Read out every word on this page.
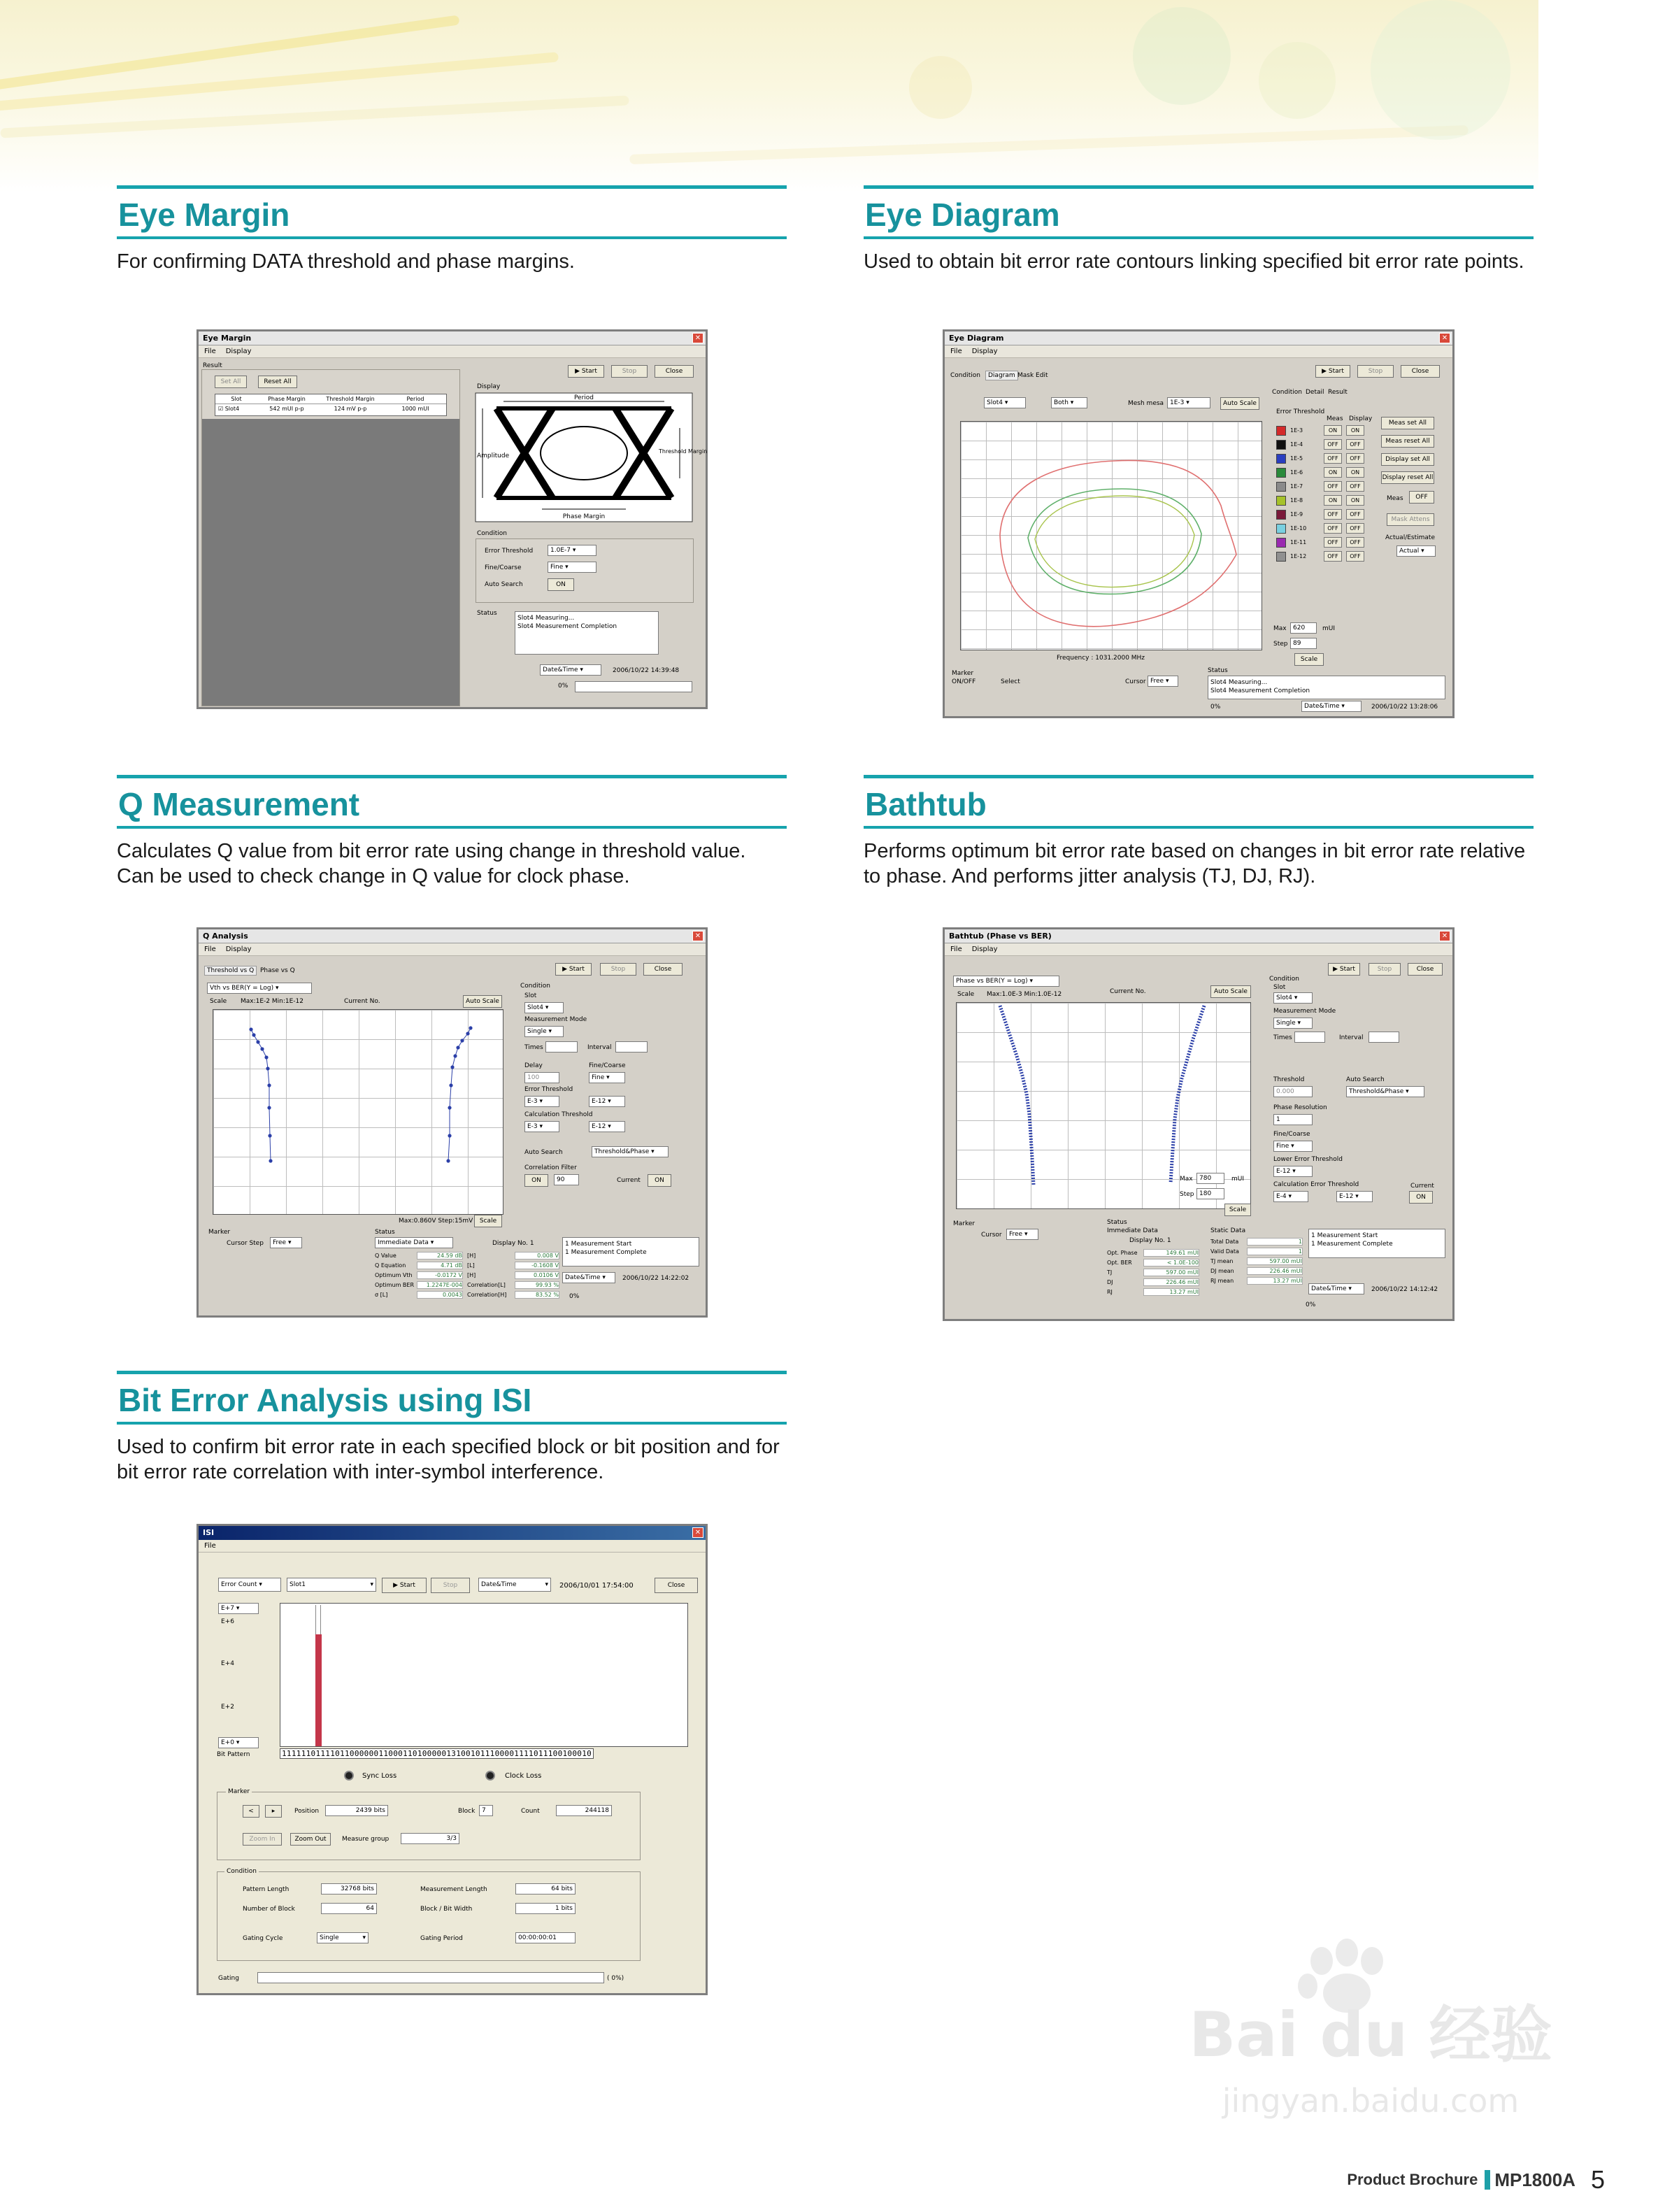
Eye Margin
For confirming DATA threshold and phase margins.
Eye Margin	✕
File Display
Result
Set All	Reset All
Slot	Phase Margin	Threshold Margin	Period
☑ Slot4	542 mUI p-p	124 mV p-p	1000 mUI
▶ Start	Stop	Close
Display
Period
Amplitude
Threshold Margin
Phase Margin
Condition
Error Threshold	1.0E-7 ▾
Fine/Coarse	Fine ▾
Auto Search	ON
Status
Slot4 Measuring...
Slot4 Measurement Completion
Date&Time ▾	2006/10/22 14:39:48
0%
Eye Diagram
Used to obtain bit error rate contours linking specified bit error rate points.
Eye Diagram	✕
File Display
▶ Start	Stop	Close
Condition	Diagram Mask Edit
Slot4 ▾	Both ▾	Mesh mesa 1E-3 ▾	Auto Scale
Frequency : 1031.2000 MHz
Max	620	mUI
Step 89
Scale
Condition Detail Result
Error Threshold
Meas Display
1E-3	ON	ON
1E-4	OFF	OFF
1E-5	OFF	OFF
1E-6	ON	ON
1E-7	OFF	OFF
1E-8	ON	ON
1E-9	OFF	OFF
1E-10	OFF	OFF
1E-11	OFF	OFF
1E-12	OFF	OFF
Meas set All
Meas reset All
Display set All
Display reset All
Meas	OFF
Mask Attens
Actual/Estimate
Actual ▾
Marker
ON/OFF	Select	Cursor Free ▾
Status
Slot4 Measuring...
Slot4 Measurement Completion
0%	Date&Time ▾	2006/10/22 13:28:06
Q Measurement
Calculates Q value from bit error rate using change in threshold value. Can be used to check change in Q value for clock phase.
Q Analysis	✕
File Display
Threshold vs Q Phase vs Q	▶ Start	Stop	Close
Vth vs BER(Y = Log) ▾
Scale Max:1E-2 Min:1E-12	Current No.	Auto Scale
Max:0.860V Step:15mV	Scale
Condition
Slot
Slot4 ▾
Measurement Mode
Single ▾
Times	Interval
Delay
100
Fine/Coarse
Fine ▾
Error Threshold
E-3 ▾	E-12 ▾
Calculation Threshold
E-3 ▾	E-12 ▾
Auto Search	Threshold&Phase ▾
Correlation Filter
ON	90	Current	ON
Marker
Cursor Step	Free ▾
Status
Immediate Data ▾	Display No. 1
Q Value	24.59 dB [H]	0.008 V
Q Equation	4.71 dB [L]	-0.1608 V
Optimum Vth	-0.0172 V [H]	0.0106 V
Optimum BER	1.2247E-004 Correlation[L]	99.93 %
σ [L]	0.0043 Correlation[H]	83.52 %
1 Measurement Start
1 Measurement Complete
Date&Time ▾	2006/10/22 14:22:02
0%
Bathtub
Performs optimum bit error rate based on changes in bit error rate relative to phase. And performs jitter analysis (TJ, DJ, RJ).
Bathtub (Phase vs BER)	✕
File Display
▶ Start	Stop	Close
Phase vs BER(Y = Log) ▾
Scale Max:1.0E-3 Min:1.0E-12	Current No.	Auto Scale
Max	780	mUI
Step 180
Scale
Condition
Slot
Slot4 ▾
Measurement Mode
Single ▾
Times	Interval
Threshold
0.000
Auto Search
Threshold&Phase ▾
Phase Resolution
1
Fine/Coarse
Fine ▾
Lower Error Threshold
E-12 ▾
Calculation Error Threshold
E-4 ▾	E-12 ▾
Current
ON
Marker
Cursor	Free ▾
Status
Immediate Data
Display No. 1
Opt. Phase	149.61 mUI
Opt. BER	< 1.0E-100
TJ	597.00 mUI
DJ	226.46 mUI
RJ	13.27 mUI
Static Data
Total Data	1
Valid Data	1
TJ mean	597.00 mUI
DJ mean	226.46 mUI
RJ mean	13.27 mUI
1 Measurement Start
1 Measurement Complete
Date&Time ▾	2006/10/22 14:12:42
0%
Bit Error Analysis using ISI
Used to confirm bit error rate in each specified block or bit position and for bit error rate correlation with inter-symbol interference.
ISI	✕
File
Error Count ▾	Slot1	▾	▶ Start	Stop	Date&Time	▾ 2006/10/01 17:54:00	Close
E+7 ▾
E+6
E+4
E+2
E+0 ▾
Bit Pattern	1111110111101100000011000110100000131001011100001111011100100010
Sync Loss	Clock Loss
Marker
<	▸	Position	2439 bits	Block	7	Count	244118
Zoom In	Zoom Out	Measure group	3/3
Condition
Pattern Length	32768 bits	Measurement Length	64 bits
Number of Block	64	Block / Bit Width	1 bits
Gating Cycle	Single	▾	Gating Period	00:00:00:01
Gating	( 0%)
Bai du 经验
jingyan.baidu.com
Product Brochure MP1800A 5
